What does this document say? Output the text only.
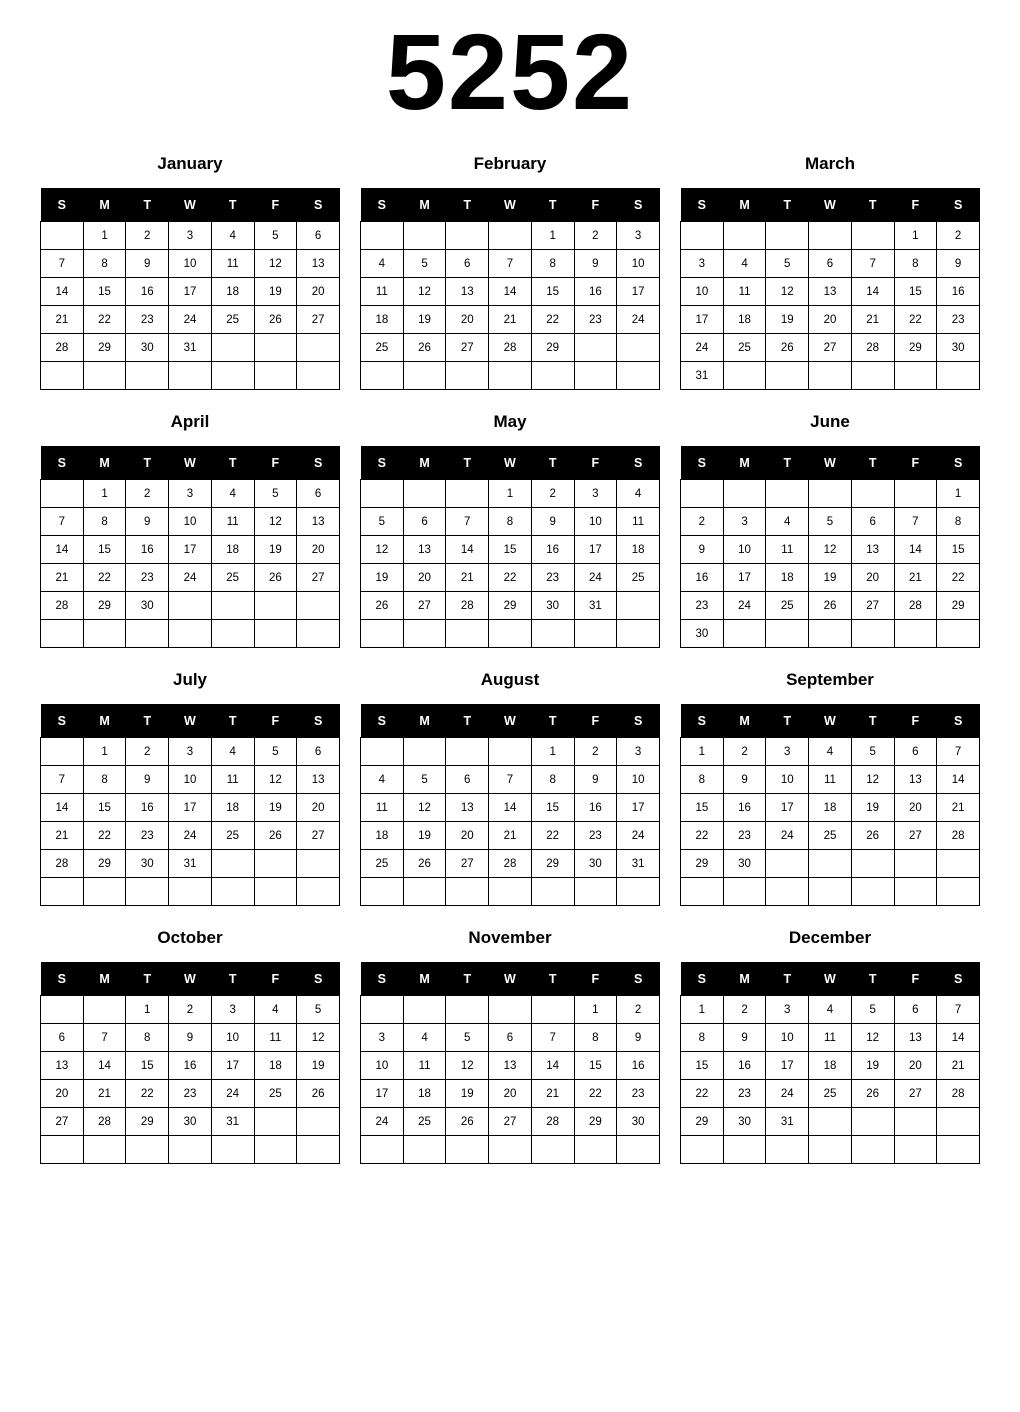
5252
January
S	M	T	W	T	F	S
	1	2	3	4	5	6
7	8	9	10	11	12	13
14	15	16	17	18	19	20
21	22	23	24	25	26	27
28	29	30	31			

February
S	M	T	W	T	F	S
				1	2	3
4	5	6	7	8	9	10
11	12	13	14	15	16	17
18	19	20	21	22	23	24
25	26	27	28	29		

March
S	M	T	W	T	F	S
					1	2
3	4	5	6	7	8	9
10	11	12	13	14	15	16
17	18	19	20	21	22	23
24	25	26	27	28	29	30
31						
April
S	M	T	W	T	F	S
	1	2	3	4	5	6
7	8	9	10	11	12	13
14	15	16	17	18	19	20
21	22	23	24	25	26	27
28	29	30				

May
S	M	T	W	T	F	S
			1	2	3	4
5	6	7	8	9	10	11
12	13	14	15	16	17	18
19	20	21	22	23	24	25
26	27	28	29	30	31	

June
S	M	T	W	T	F	S
						1
2	3	4	5	6	7	8
9	10	11	12	13	14	15
16	17	18	19	20	21	22
23	24	25	26	27	28	29
30						
July
S	M	T	W	T	F	S
	1	2	3	4	5	6
7	8	9	10	11	12	13
14	15	16	17	18	19	20
21	22	23	24	25	26	27
28	29	30	31			

August
S	M	T	W	T	F	S
				1	2	3
4	5	6	7	8	9	10
11	12	13	14	15	16	17
18	19	20	21	22	23	24
25	26	27	28	29	30	31

September
S	M	T	W	T	F	S
1	2	3	4	5	6	7
8	9	10	11	12	13	14
15	16	17	18	19	20	21
22	23	24	25	26	27	28
29	30					

October
S	M	T	W	T	F	S
		1	2	3	4	5
6	7	8	9	10	11	12
13	14	15	16	17	18	19
20	21	22	23	24	25	26
27	28	29	30	31		

November
S	M	T	W	T	F	S
					1	2
3	4	5	6	7	8	9
10	11	12	13	14	15	16
17	18	19	20	21	22	23
24	25	26	27	28	29	30

December
S	M	T	W	T	F	S
1	2	3	4	5	6	7
8	9	10	11	12	13	14
15	16	17	18	19	20	21
22	23	24	25	26	27	28
29	30	31				
